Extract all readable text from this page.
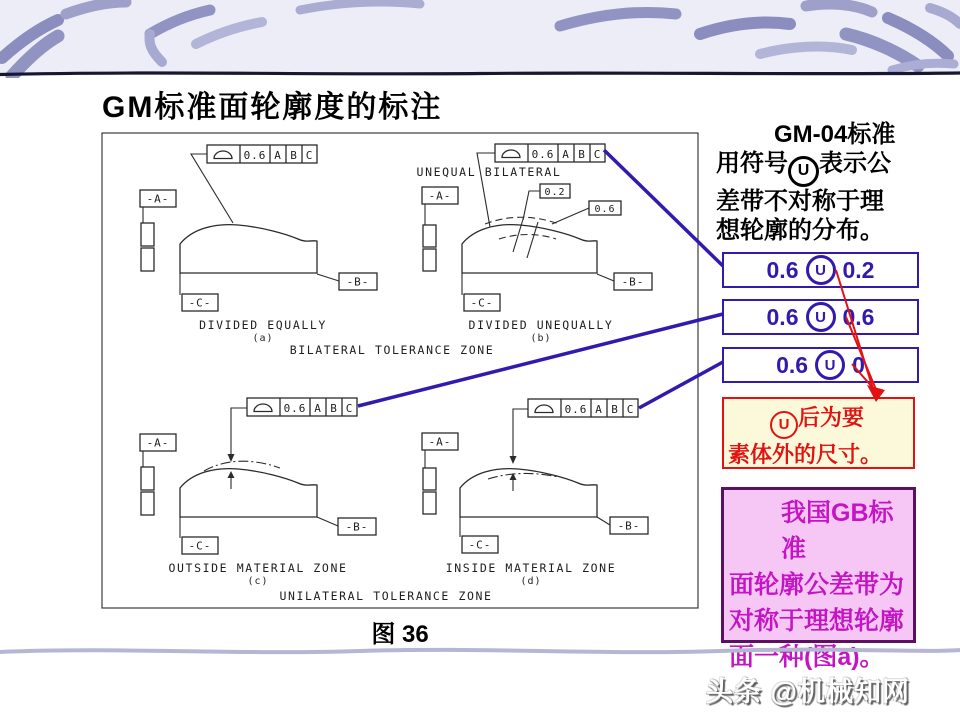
GM标准面轮廓度的标注
0.6 A B C
-A-
-B-
-C-
DIVIDED EQUALLY
(a)
0.6 A B C
UNEQUAL BILATERAL
0.2
0.6
-A-
-B-
-C-
DIVIDED UNEQUALLY
(b)
BILATERAL TOLERANCE ZONE
0.6 A B C
-A-
-B-
-C-
OUTSIDE MATERIAL ZONE
(c)
0.6 A B C
-A-
-B-
-C-
INSIDE MATERIAL ZONE
(d)
UNILATERAL TOLERANCE ZONE
图 36
GM-04标准
用符号 U 表示公
差带不对称于理
想轮廓的分布。
0.6	U 0.2
0.6	U 0.6
0.6	U 0
U 后为要
素体外的尺寸。
我国GB标准
面轮廓公差带为
对称于理想轮廓
面一种(图a)。
头条 @机械知网
